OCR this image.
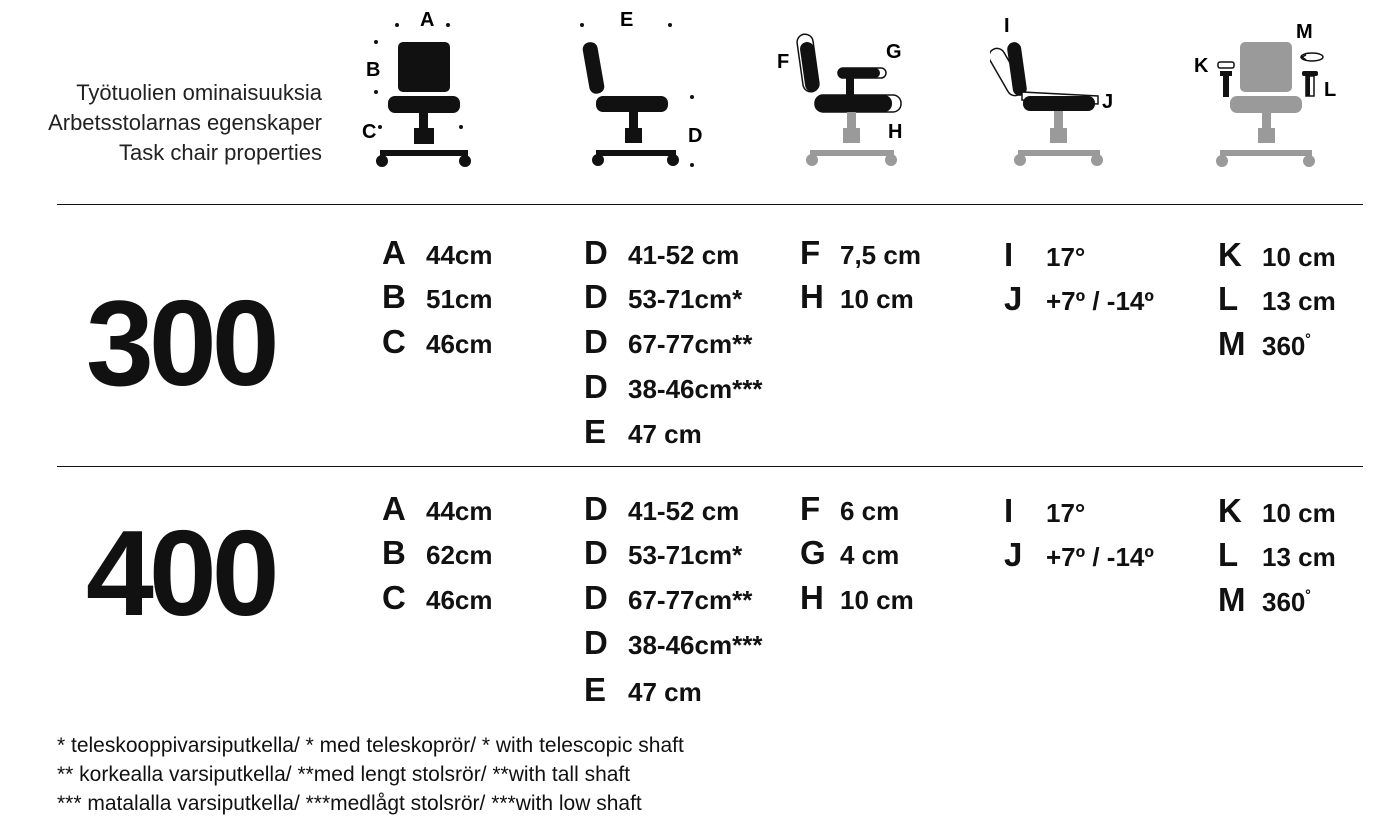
Työtuolien ominaisuuksia
Arbetsstolarnas egenskaper
Task chair properties
A
B
C
E
D
F	G
H
I
J
K
M
L
300
A 44cm
B 51cm
C 46cm
D 41-52 cm
D 53-71cm*
D 67-77cm**
D 38-46cm***
E 47 cm
F 7,5 cm
H 10 cm
I 17°
J +7º / -14º
K 10 cm
L 13 cm
M 360˚
400	A 44cm
B 62cm
C 46cm
D 41-52 cm
D 53-71cm*
D 67-77cm**
D 38-46cm***
E 47 cm
F 6 cm
G 4 cm
H 10 cm
I 17°
J +7º / -14º
K 10 cm
L 13 cm
M 360˚
* teleskooppivarsiputkella/ * med teleskoprör/ * with telescopic shaft
** korkealla varsiputkella/ **med lengt stolsrör/ **with tall shaft
*** matalalla varsiputkella/ ***medlågt stolsrör/ ***with low shaft
